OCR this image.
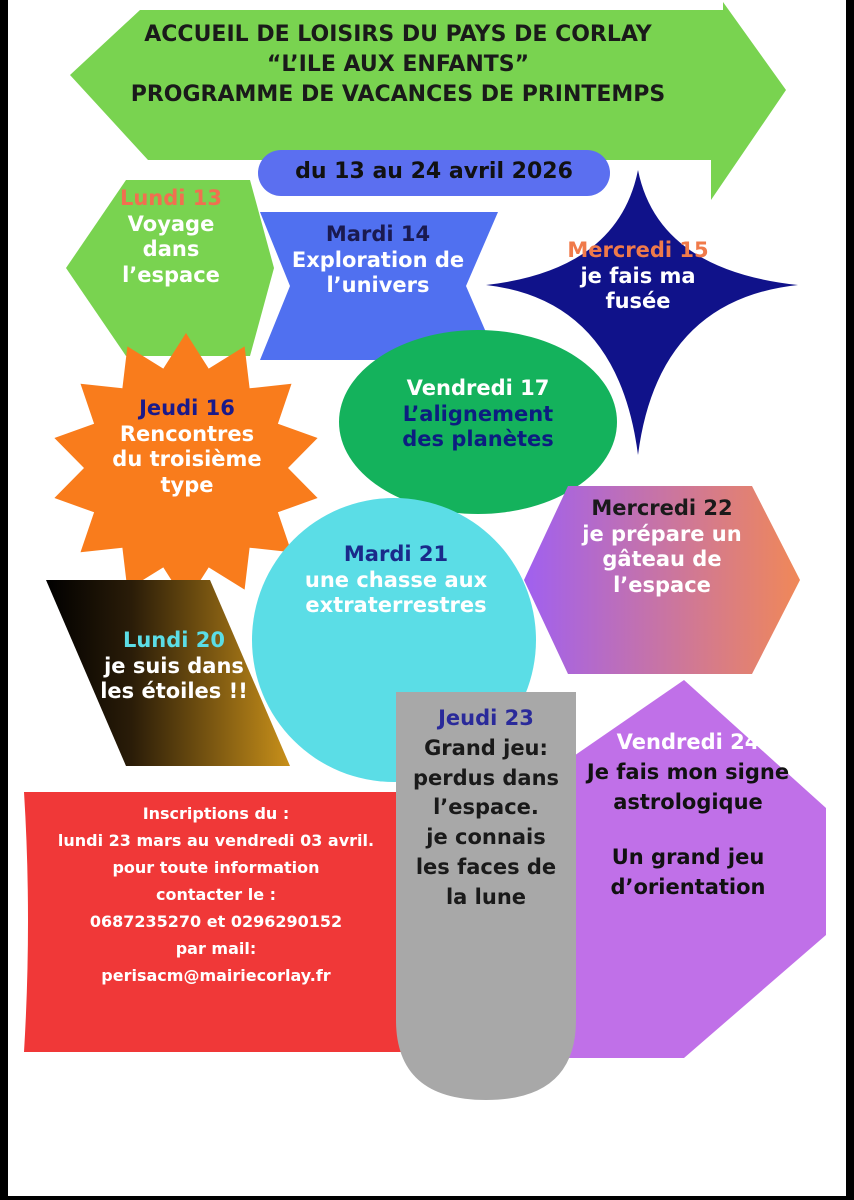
ACCUEIL DE LOISIRS DU PAYS DE CORLAY
“L’ILE AUX ENFANTS”
PROGRAMME DE VACANCES DE PRINTEMPS
du 13 au 24 avril 2026
Lundi 13
Voyage
dans
l’espace
Mardi 14
Exploration de
l’univers
Mercredi 15
je fais ma
fusée
Jeudi 16
Rencontres
du troisième
type
Vendredi 17
L’alignement
des planètes
Mardi 21
une chasse aux
extraterrestres
Mercredi 22
je prépare un
gâteau de
l’espace
Lundi 20
je suis dans
les étoiles !!
Jeudi 23
Grand jeu:
perdus dans
l’espace.
je connais
les faces de
la lune
Vendredi 24
Je fais mon signe
astrologique
Un grand jeu
d’orientation
Inscriptions du :
lundi 23 mars au vendredi 03 avril.
pour toute information
contacter le :
0687235270 et 0296290152
par mail:
perisacm@mairiecorlay.fr
